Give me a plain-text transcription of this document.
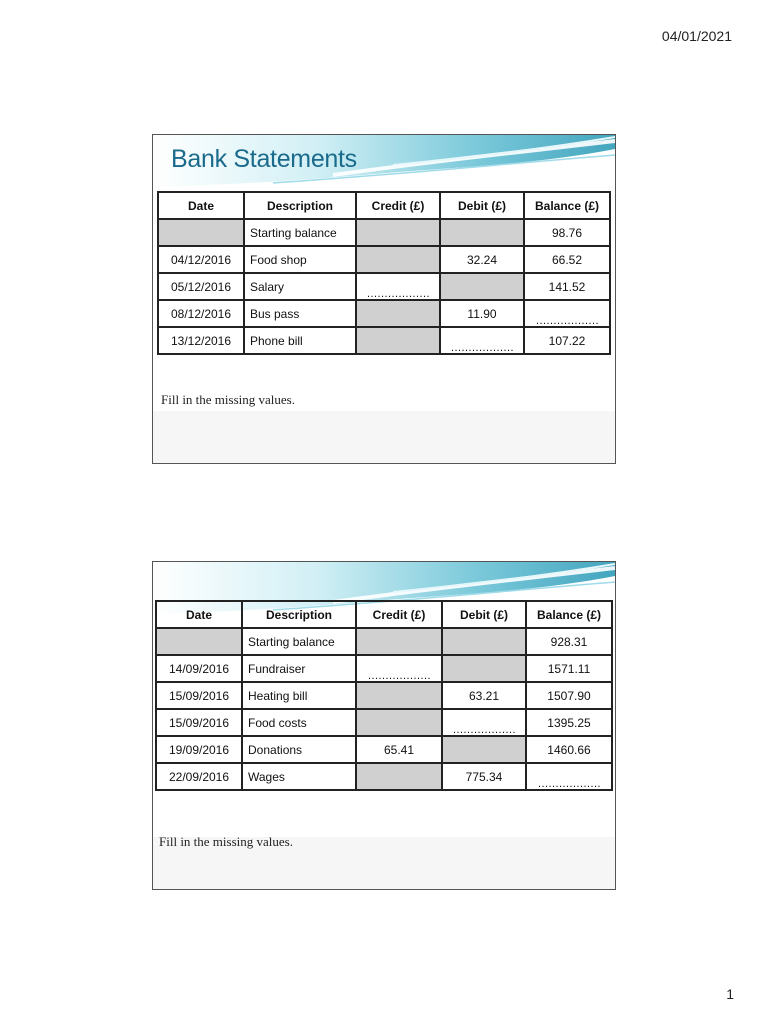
04/01/2021
Bank Statements
Date	Description	Credit (£)	Debit (£)	Balance (£)
	Starting balance			98.76
04/12/2016	Food shop		32.24	66.52
05/12/2016	Salary	………………		141.52
08/12/2016	Bus pass		11.90	………………
13/12/2016	Phone bill		………………	107.22
Fill in the missing values.
Date	Description	Credit (£)	Debit (£)	Balance (£)
	Starting balance			928.31
14/09/2016	Fundraiser	………………		1571.11
15/09/2016	Heating bill		63.21	1507.90
15/09/2016	Food costs		………………	1395.25
19/09/2016	Donations	65.41		1460.66
22/09/2016	Wages		775.34	………………
Fill in the missing values.
1
